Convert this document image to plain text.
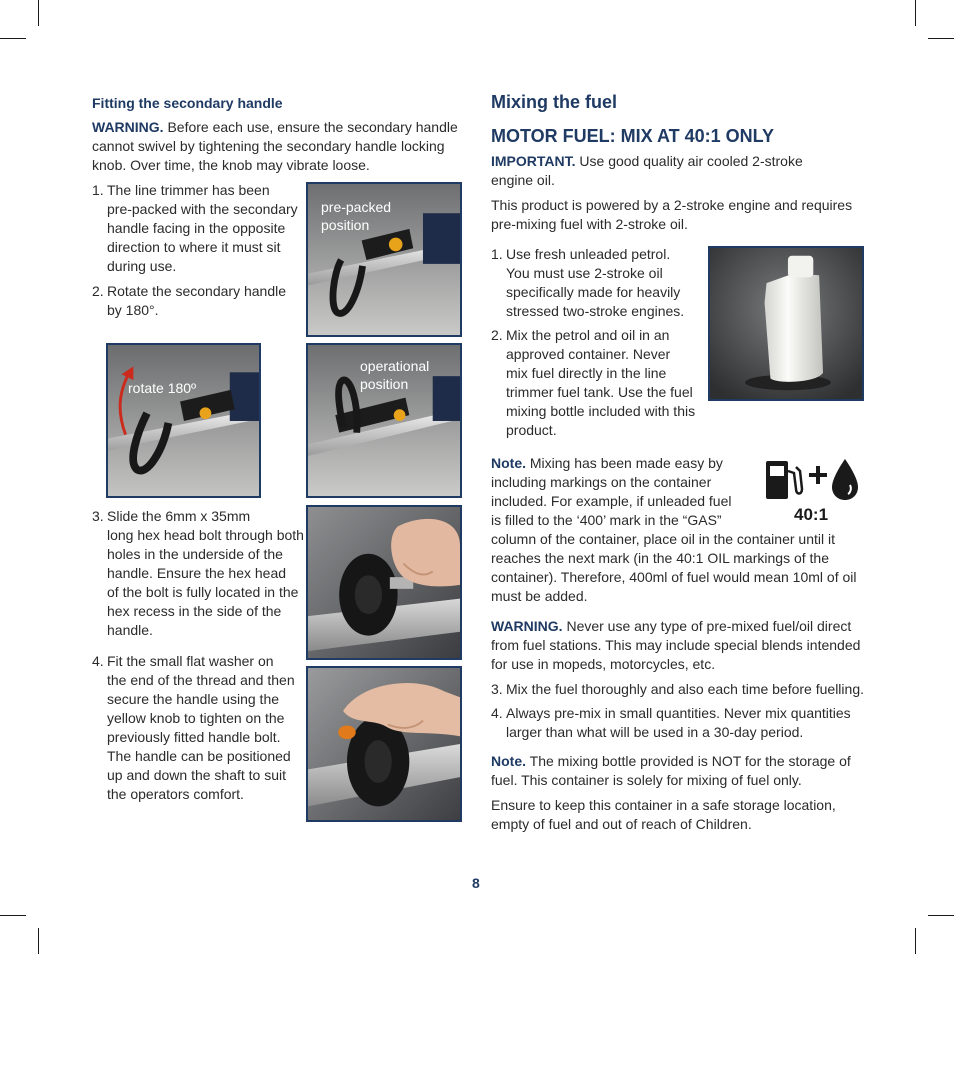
Fitting the secondary handle
WARNING. Before each use, ensure the secondary handle
cannot swivel by tightening the secondary handle locking
knob. Over time, the knob may vibrate loose.
1. The line trimmer has been
pre-packed with the secondary
handle facing in the opposite
direction to where it must sit
during use.
2. Rotate the secondary handle
by 180°.
pre-packed
position
rotate 180º
operational
position
3. Slide the 6mm x 35mm
long hex head bolt through both
holes in the underside of the
handle. Ensure the hex head
of the bolt is fully located in the
hex recess in the side of the
handle.
4. Fit the small flat washer on
the end of the thread and then
secure the handle using the
yellow knob to tighten on the
previously fitted handle bolt.
The handle can be positioned
up and down the shaft to suit
the operators comfort.
Mixing the fuel
MOTOR FUEL: MIX AT 40:1 ONLY
IMPORTANT. Use good quality air cooled 2-stroke
engine oil.
This product is powered by a 2-stroke engine and requires
pre-mixing fuel with 2-stroke oil.
1. Use fresh unleaded petrol.
You must use 2-stroke oil
specifically made for heavily
stressed two-stroke engines.
2. Mix the petrol and oil in an
approved container. Never
mix fuel directly in the line
trimmer fuel tank. Use the fuel
mixing bottle included with this
product.
Note. Mixing has been made easy by
including markings on the container
included. For example, if unleaded fuel
is filled to the ‘400’ mark in the “GAS”
column of the container, place oil in the container until it
reaches the next mark (in the 40:1 OIL markings of the
container). Therefore, 400ml of fuel would mean 10ml of oil
must be added.
40:1
WARNING. Never use any type of pre-mixed fuel/oil direct
from fuel stations. This may include special blends intended
for use in mopeds, motorcycles, etc.
3. Mix the fuel thoroughly and also each time before fuelling.
4. Always pre-mix in small quantities. Never mix quantities
larger than what will be used in a 30-day period.
Note. The mixing bottle provided is NOT for the storage of
fuel. This container is solely for mixing of fuel only.
Ensure to keep this container in a safe storage location,
empty of fuel and out of reach of Children.
8
